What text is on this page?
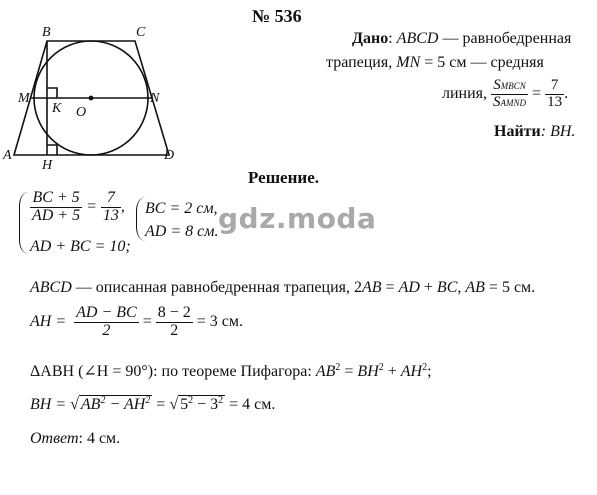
№ 536
B	C
M
K O
N
A
H
D
Дано: ABCD — равнобедренная
трапеция, MN = 5 см — средняя
линия, $\frac{\text{SMBCN}}{\text{SAMND}} = \frac{7}{13}$ .
Найти: BH.
Решение.
$\frac{BC + 5}{AD + 5} = \frac{7}{13}$ ,
AD + BC = 10;
BC = 2 см,
AD = 8 см. gdz.moda
ABCD — описанная равнобедренная трапеция, 2AB = AD + BC, AB = 5 см.
AH = $\frac{AD - BC}{2} = \frac{8 - 2}{2} = 3$ см.
ΔABH (∠H = 90°): по теореме Пифагора: $AB^2 = BH^2 + AH^2$;
BH = √ $AB^2 - AH^2$ = √ $5^2 - 3^2 = 4$ см.
Ответ: 4 см.
